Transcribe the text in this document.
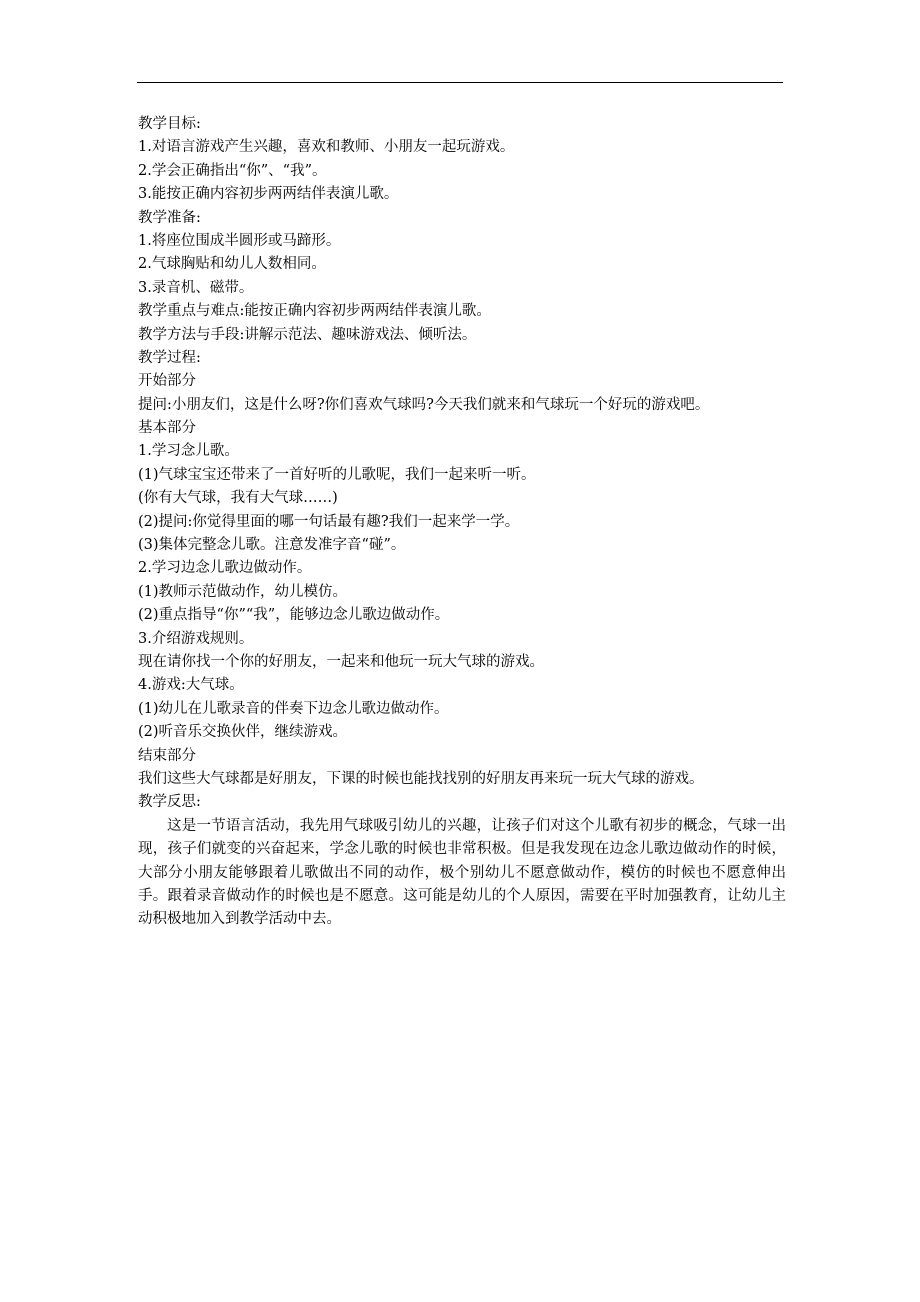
教学目标:
1.对语言游戏产生兴趣，喜欢和教师、小朋友一起玩游戏。
2.学会正确指出“你”、“我”。
3.能按正确内容初步两两结伴表演儿歌。
教学准备:
1.将座位围成半圆形或马蹄形。
2.气球胸贴和幼儿人数相同。
3.录音机、磁带。
教学重点与难点:能按正确内容初步两两结伴表演儿歌。
教学方法与手段:讲解示范法、趣味游戏法、倾听法。
教学过程:
开始部分
提问:小朋友们，这是什么呀?你们喜欢气球吗?今天我们就来和气球玩一个好玩的游戏吧。
基本部分
1.学习念儿歌。
(1)气球宝宝还带来了一首好听的儿歌呢，我们一起来听一听。
(你有大气球，我有大气球……)
(2)提问:你觉得里面的哪一句话最有趣?我们一起来学一学。
(3)集体完整念儿歌。注意发准字音“碰”。
2.学习边念儿歌边做动作。
(1)教师示范做动作，幼儿模仿。
(2)重点指导“你”“我”，能够边念儿歌边做动作。
3.介绍游戏规则。
现在请你找一个你的好朋友，一起来和他玩一玩大气球的游戏。
4.游戏:大气球。
(1)幼儿在儿歌录音的伴奏下边念儿歌边做动作。
(2)听音乐交换伙伴，继续游戏。
结束部分
我们这些大气球都是好朋友，下课的时候也能找找别的好朋友再来玩一玩大气球的游戏。
教学反思:

这是一节语言活动，我先用气球吸引幼儿的兴趣，让孩子们对这个儿歌有初步的概念，气球一出现，孩子们就变的兴奋起来，学念儿歌的时候也非常积极。但是我发现在边念儿歌边做动作的时候，大部分小朋友能够跟着儿歌做出不同的动作，极个别幼儿不愿意做动作，模仿的时候也不愿意伸出手。跟着录音做动作的时候也是不愿意。这可能是幼儿的个人原因，需要在平时加强教育，让幼儿主动积极地加入到教学活动中去。
